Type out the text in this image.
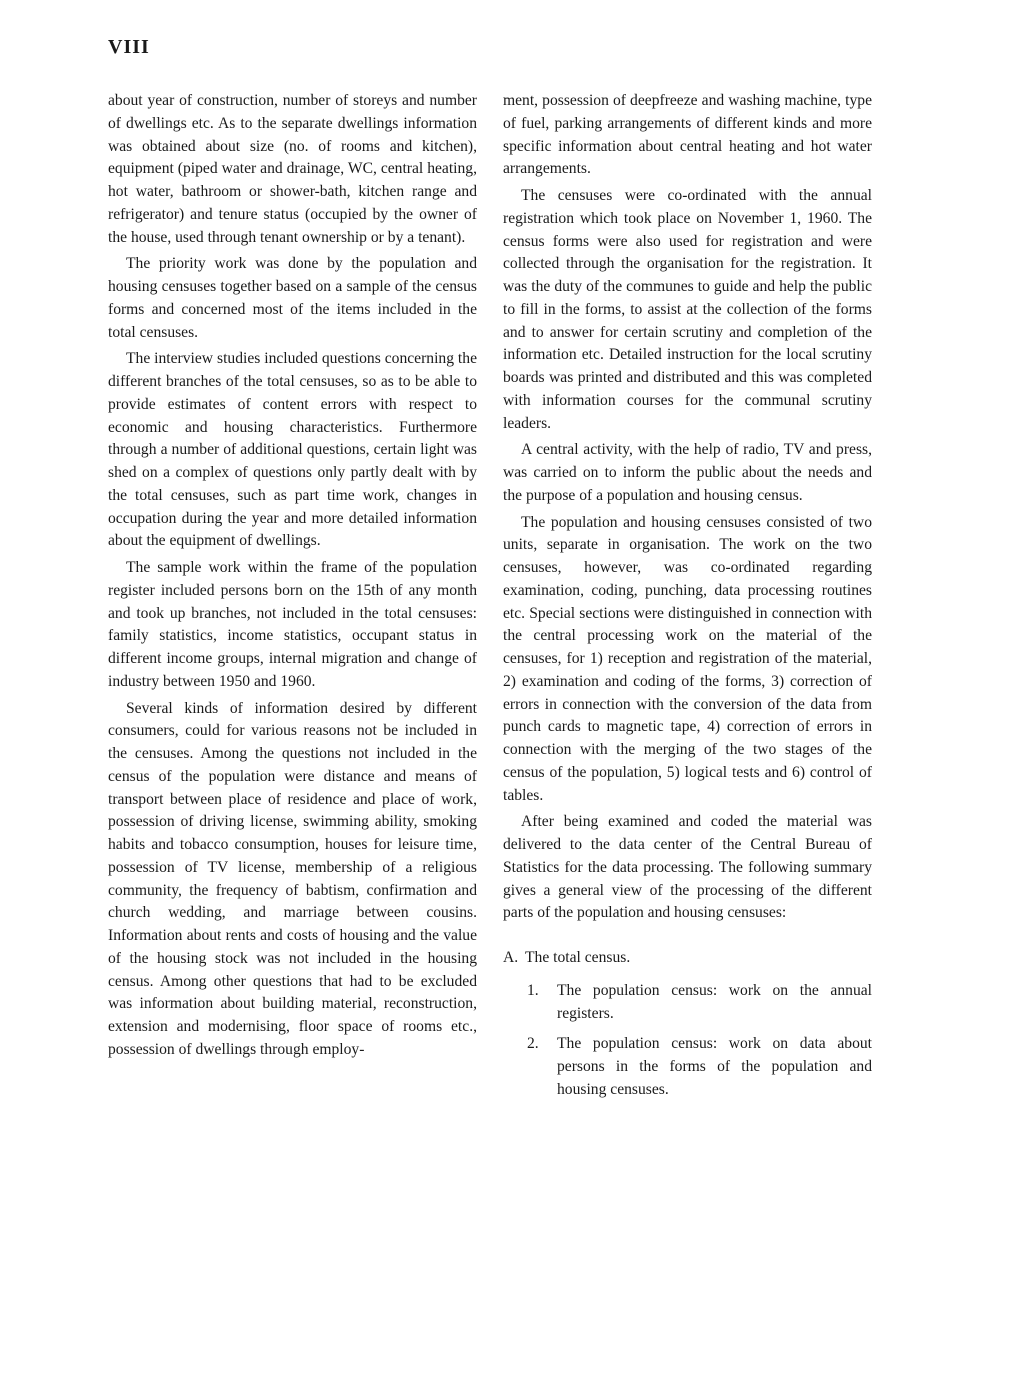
VIII

about year of construction, number of storeys and number of dwellings etc. As to the separate dwellings information was obtained about size (no. of rooms and kitchen), equipment (piped water and drainage, WC, central heating, hot water, bathroom or shower-bath, kitchen range and refrigerator) and tenure status (occupied by the owner of the house, used through tenant ownership or by a tenant).

The priority work was done by the population and housing censuses together based on a sample of the census forms and concerned most of the items included in the total censuses.

The interview studies included questions concerning the different branches of the total censuses, so as to be able to provide estimates of content errors with respect to economic and housing characteristics. Furthermore through a number of additional questions, certain light was shed on a complex of questions only partly dealt with by the total censuses, such as part time work, changes in occupation during the year and more detailed information about the equipment of dwellings.

The sample work within the frame of the population register included persons born on the 15th of any month and took up branches, not included in the total censuses: family statistics, income statistics, occupant status in different income groups, internal migration and change of industry between 1950 and 1960.

Several kinds of information desired by different consumers, could for various reasons not be included in the censuses. Among the questions not included in the census of the population were distance and means of transport between place of residence and place of work, possession of driving license, swimming ability, smoking habits and tobacco consumption, houses for leisure time, possession of TV license, membership of a religious community, the frequency of babtism, confirmation and church wedding, and marriage between cousins. Information about rents and costs of housing and the value of the housing stock was not included in the housing census. Among other questions that had to be excluded was information about building material, reconstruction, extension and modernising, floor space of rooms etc., possession of dwellings through employ-

ment, possession of deepfreeze and washing machine, type of fuel, parking arrangements of different kinds and more specific information about central heating and hot water arrangements.

The censuses were co-ordinated with the annual registration which took place on November 1, 1960. The census forms were also used for registration and were collected through the organisation for the registration. It was the duty of the communes to guide and help the public to fill in the forms, to assist at the collection of the forms and to answer for certain scrutiny and completion of the information etc. Detailed instruction for the local scrutiny boards was printed and distributed and this was completed with information courses for the communal scrutiny leaders.

A central activity, with the help of radio, TV and press, was carried on to inform the public about the needs and the purpose of a population and housing census.

The population and housing censuses consisted of two units, separate in organisation. The work on the two censuses, however, was co-ordinated regarding examination, coding, punching, data processing routines etc. Special sections were distinguished in connection with the central processing work on the material of the censuses, for 1) reception and registration of the material, 2) examination and coding of the forms, 3) correction of errors in connection with the conversion of the data from punch cards to magnetic tape, 4) correction of errors in connection with the merging of the two stages of the census of the population, 5) logical tests and 6) control of tables.

After being examined and coded the material was delivered to the data center of the Central Bureau of Statistics for the data processing. The following summary gives a general view of the processing of the different parts of the population and housing censuses:

A. The total census.
1.	The population census: work on the annual registers.
2.	The population census: work on data about persons in the forms of the population and housing censuses.
